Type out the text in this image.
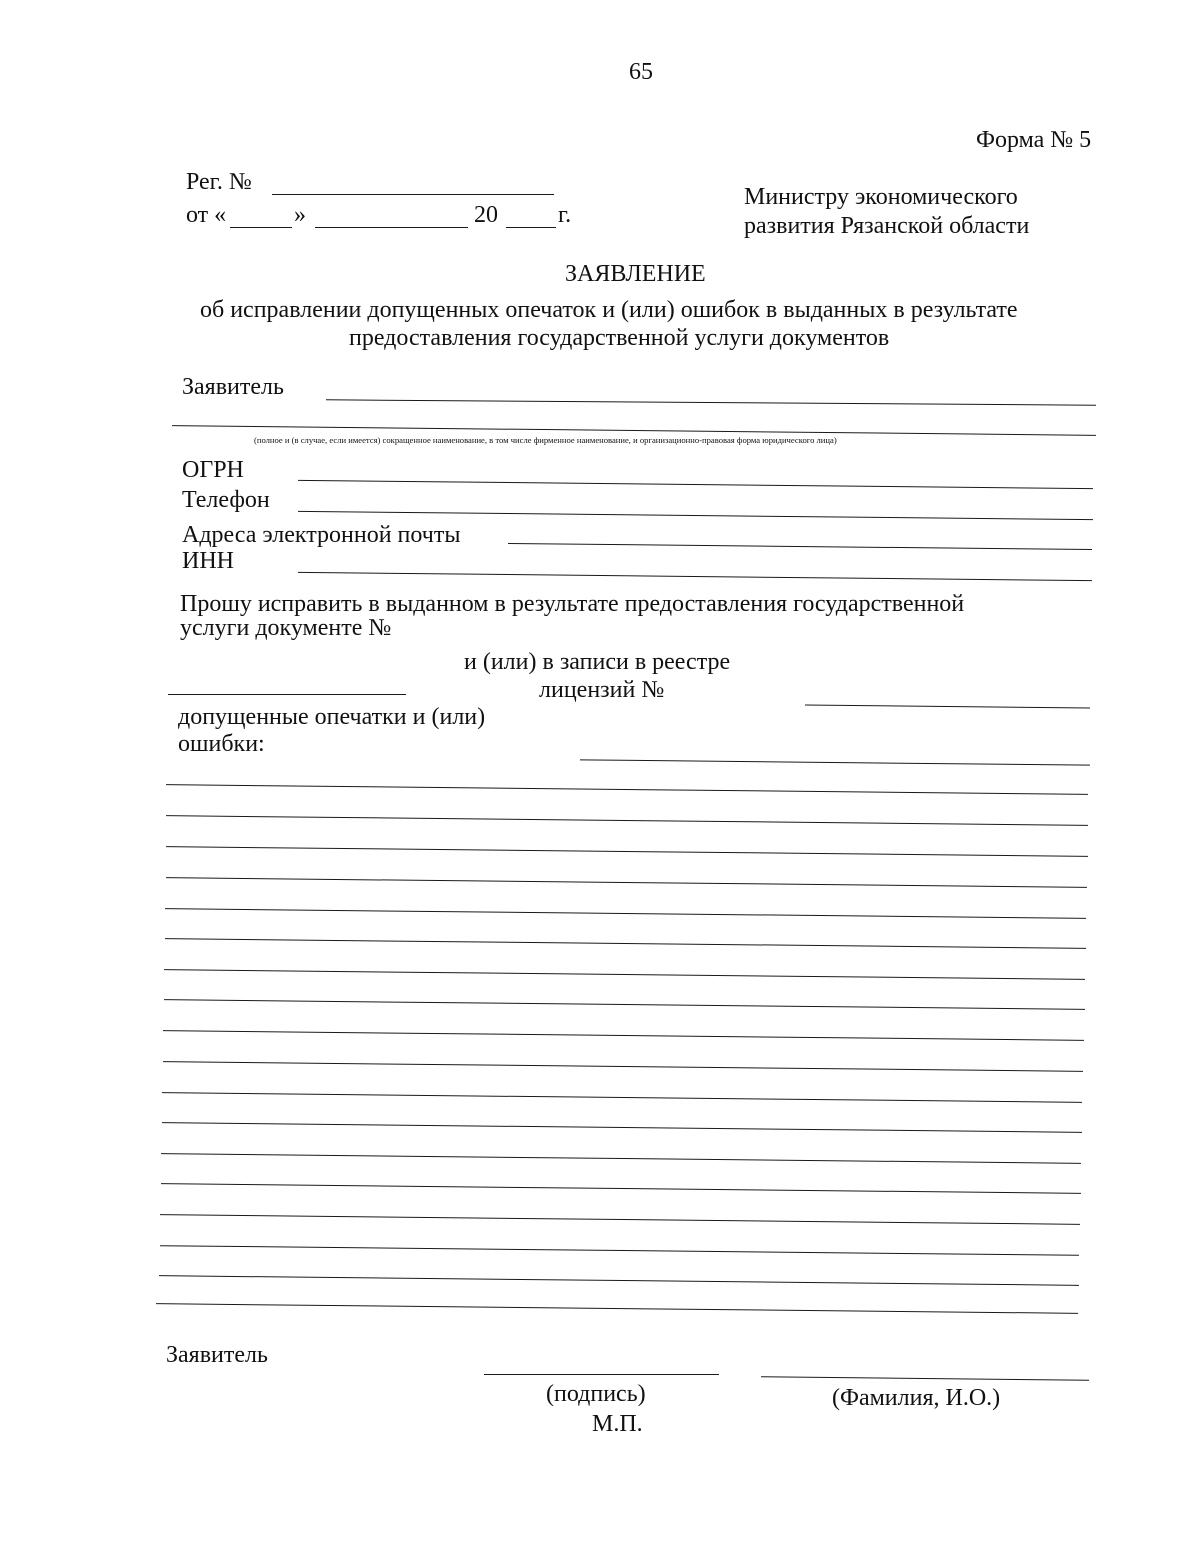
65
Форма № 5
Рег. №
от «	»	20	г.
Министру экономического
развития Рязанской области
ЗАЯВЛЕНИЕ
об исправлении допущенных опечаток и (или) ошибок в выданных в результате
предоставления государственной услуги документов
Заявитель
(полное и (в случае, если имеется) сокращенное наименование, в том числе фирменное наименование, и организационно-правовая форма юридического лица)
ОГРН
Телефон
Адреса электронной почты
ИНН
Прошу исправить в выданном в результате предоставления государственной
услуги документе №
и (или) в записи в реестре
лицензий №
допущенные опечатки и (или)
ошибки:
Заявитель
(подпись)	(Фамилия, И.О.)
М.П.
